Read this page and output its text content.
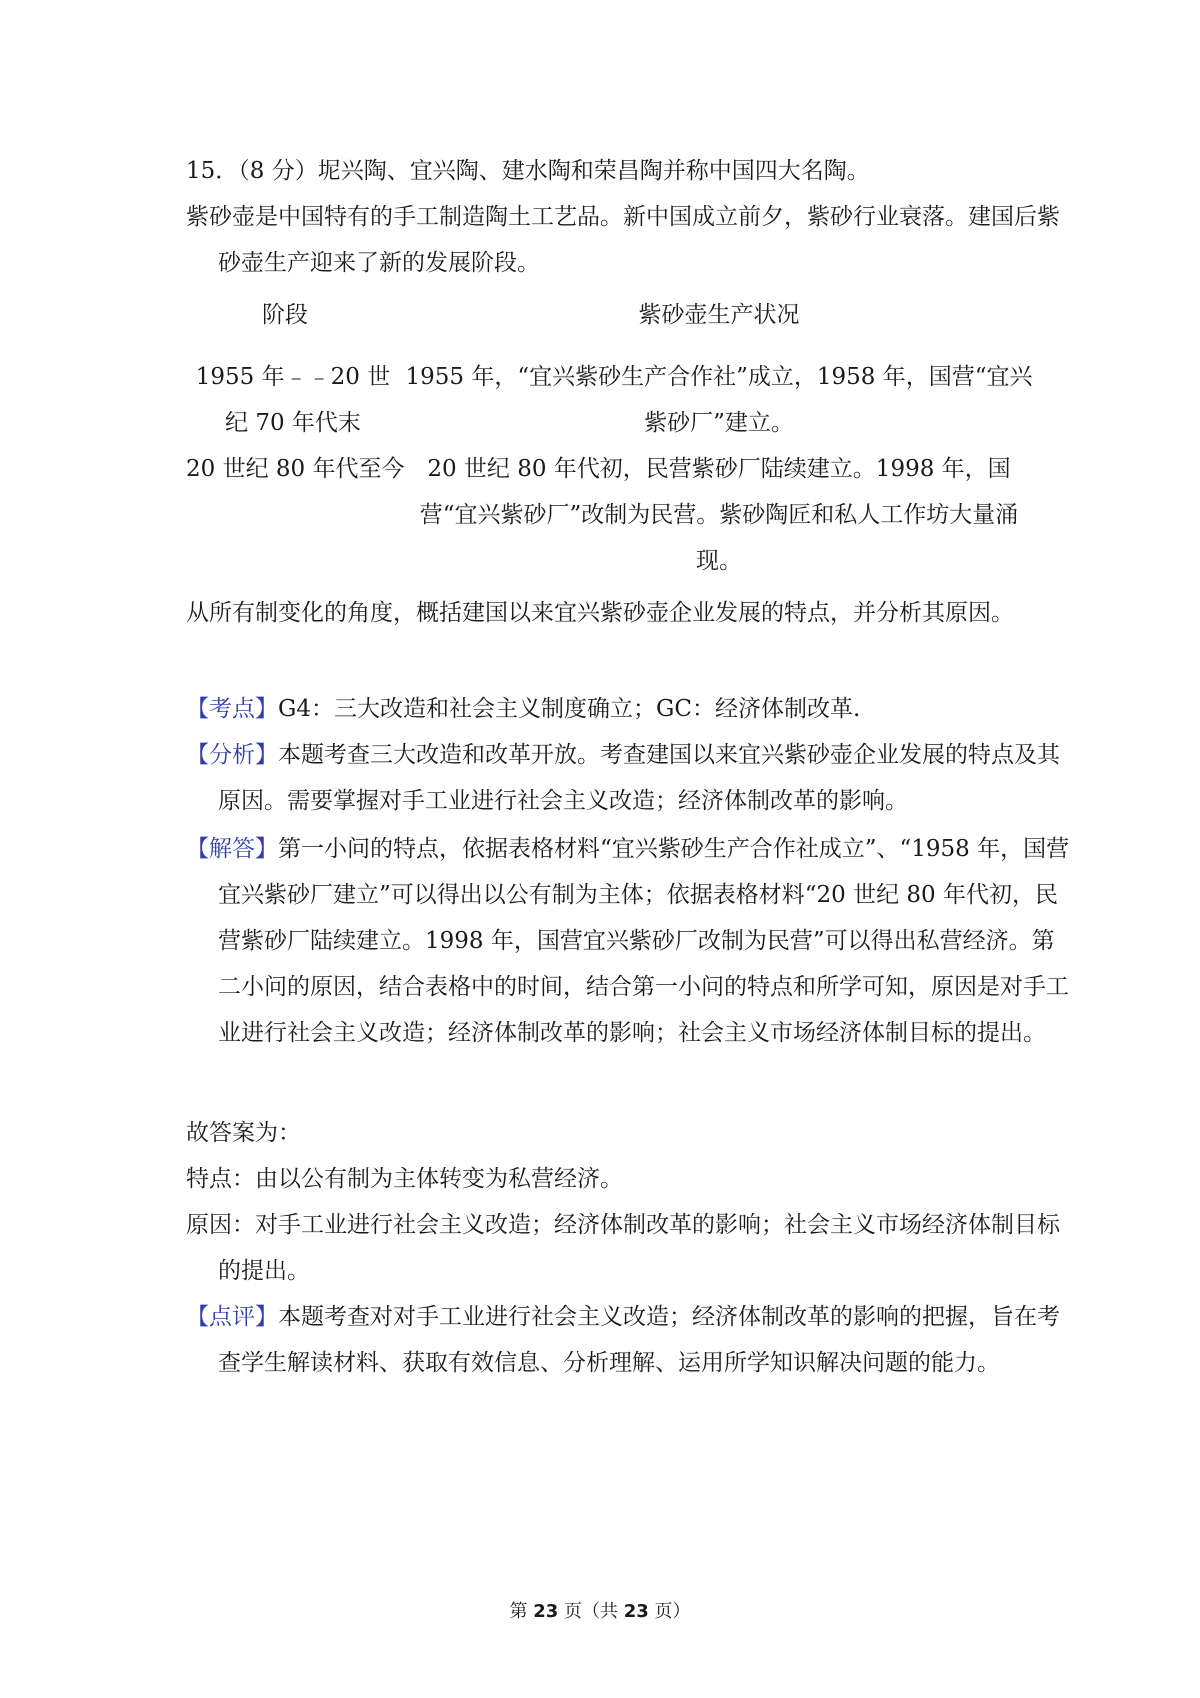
15．（8 分）坭兴陶、宜兴陶、建水陶和荣昌陶并称中国四大名陶。
紫砂壶是中国特有的手工制造陶土工艺品。新中国成立前夕，紫砂行业衰落。建国后紫砂壶生产迎来了新的发展阶段。
阶段	紫砂壶生产状况
1955 年﹣﹣20 世纪 70 年代末
1955 年，“宜兴紫砂生产合作社”成立，1958 年，国营“宜兴紫砂厂”建立。
20 世纪 80 年代至今 20 世纪 80 年代初，民营紫砂厂陆续建立。1998 年，国营“宜兴紫砂厂”改制为民营。紫砂陶匠和私人工作坊大量涌现。
从所有制变化的角度，概括建国以来宜兴紫砂壶企业发展的特点，并分析其原因。
【考点】G4：三大改造和社会主义制度确立；GC：经济体制改革.
【分析】本题考查三大改造和改革开放。考查建国以来宜兴紫砂壶企业发展的特点及其原因。需要掌握对手工业进行社会主义改造；经济体制改革的影响。
【解答】第一小问的特点，依据表格材料“宜兴紫砂生产合作社成立”、“1958 年，国营宜兴紫砂厂建立”可以得出以公有制为主体；依据表格材料“20 世纪 80 年代初，民营紫砂厂陆续建立。1998 年，国营宜兴紫砂厂改制为民营”可以得出私营经济。第二小问的原因，结合表格中的时间，结合第一小问的特点和所学可知，原因是对手工业进行社会主义改造；经济体制改革的影响；社会主义市场经济体制目标的提出。
故答案为：
特点：由以公有制为主体转变为私营经济。
原因：对手工业进行社会主义改造；经济体制改革的影响；社会主义市场经济体制目标的提出。
【点评】本题考查对对手工业进行社会主义改造；经济体制改革的影响的把握，旨在考查学生解读材料、获取有效信息、分析理解、运用所学知识解决问题的能力。
第 23 页（共 23 页）
